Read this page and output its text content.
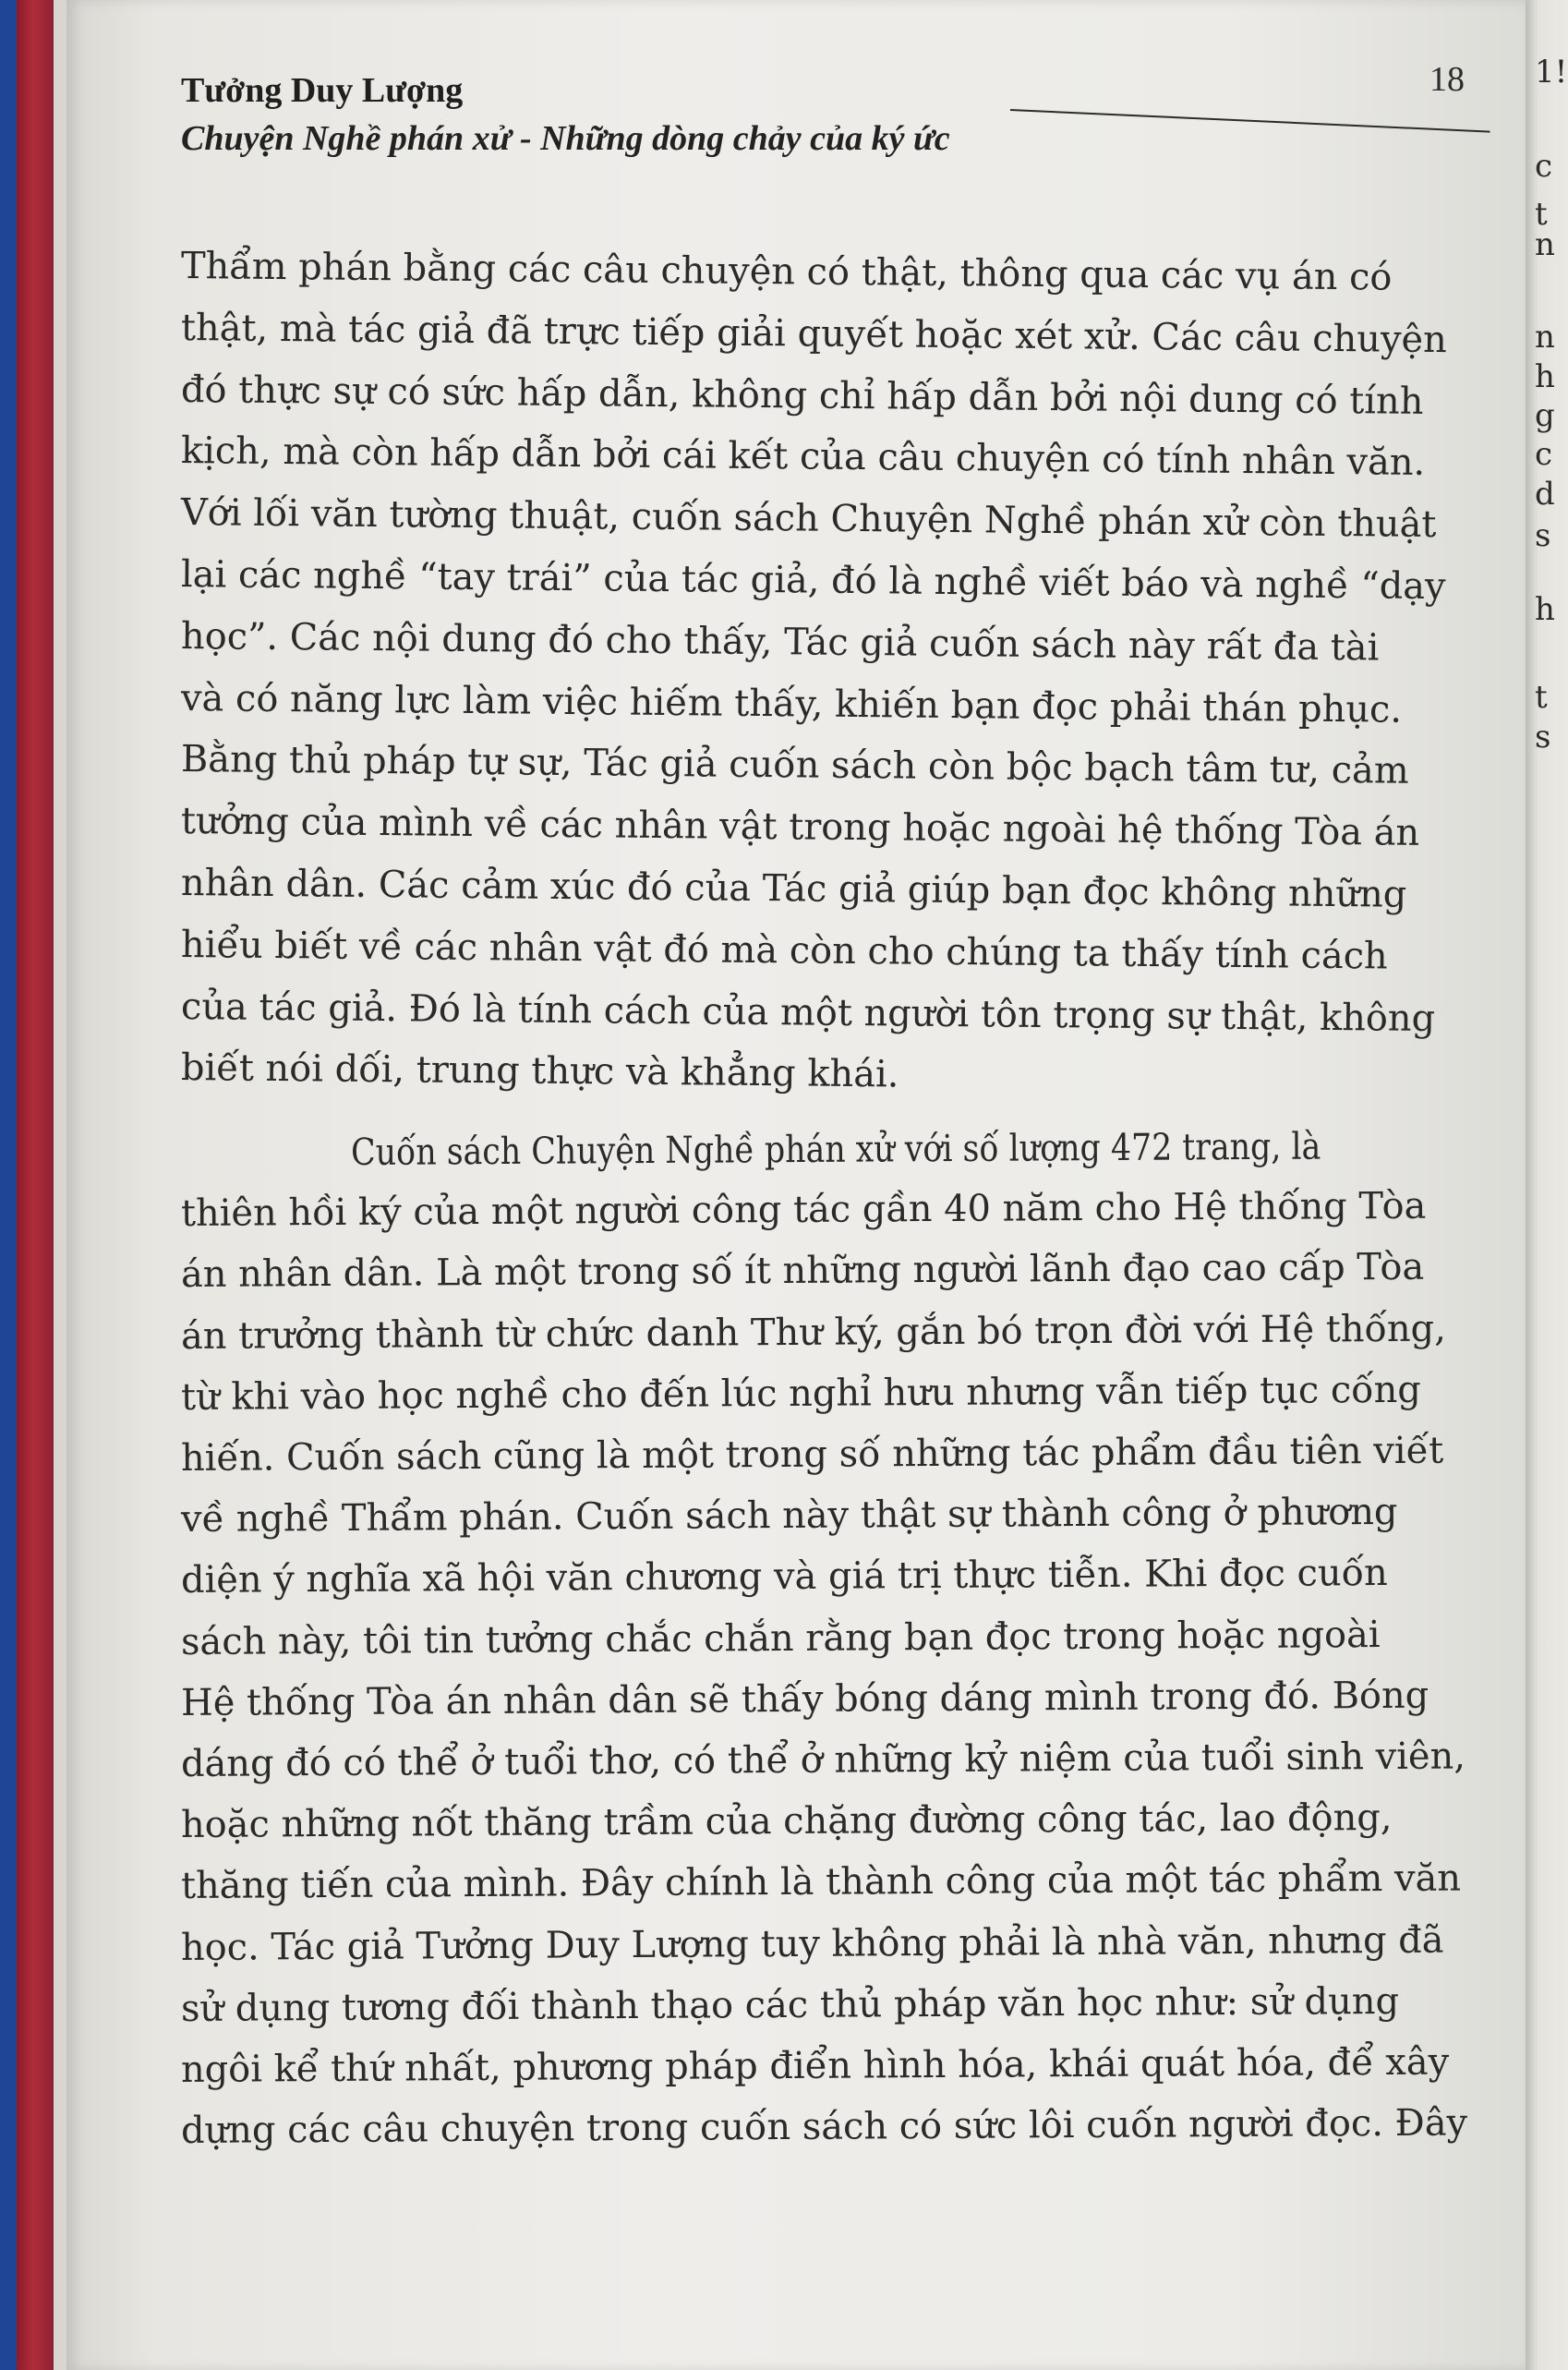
1!
c
t
n
n
h
g
c
d
s
h
t
s
Tưởng Duy Lượng
Chuyện Nghề phán xử - Những dòng chảy của ký ức
18
Thẩm phán bằng các câu chuyện có thật, thông qua các vụ án có
thật, mà tác giả đã trực tiếp giải quyết hoặc xét xử. Các câu chuyện
đó thực sự có sức hấp dẫn, không chỉ hấp dẫn bởi nội dung có tính
kịch, mà còn hấp dẫn bởi cái kết của câu chuyện có tính nhân văn.
Với lối văn tường thuật, cuốn sách Chuyện Nghề phán xử còn thuật
lại các nghề “tay trái” của tác giả, đó là nghề viết báo và nghề “dạy
học”. Các nội dung đó cho thấy, Tác giả cuốn sách này rất đa tài
và có năng lực làm việc hiếm thấy, khiến bạn đọc phải thán phục.
Bằng thủ pháp tự sự, Tác giả cuốn sách còn bộc bạch tâm tư, cảm
tưởng của mình về các nhân vật trong hoặc ngoài hệ thống Tòa án
nhân dân. Các cảm xúc đó của Tác giả giúp bạn đọc không những
hiểu biết về các nhân vật đó mà còn cho chúng ta thấy tính cách
của tác giả. Đó là tính cách của một người tôn trọng sự thật, không
biết nói dối, trung thực và khẳng khái.
Cuốn sách Chuyện Nghề phán xử với số lượng 472 trang, là
thiên hồi ký của một người công tác gần 40 năm cho Hệ thống Tòa
án nhân dân. Là một trong số ít những người lãnh đạo cao cấp Tòa
án trưởng thành từ chức danh Thư ký, gắn bó trọn đời với Hệ thống,
từ khi vào học nghề cho đến lúc nghỉ hưu nhưng vẫn tiếp tục cống
hiến. Cuốn sách cũng là một trong số những tác phẩm đầu tiên viết
về nghề Thẩm phán. Cuốn sách này thật sự thành công ở phương
diện ý nghĩa xã hội văn chương và giá trị thực tiễn. Khi đọc cuốn
sách này, tôi tin tưởng chắc chắn rằng bạn đọc trong hoặc ngoài
Hệ thống Tòa án nhân dân sẽ thấy bóng dáng mình trong đó. Bóng
dáng đó có thể ở tuổi thơ, có thể ở những kỷ niệm của tuổi sinh viên,
hoặc những nốt thăng trầm của chặng đường công tác, lao động,
thăng tiến của mình. Đây chính là thành công của một tác phẩm văn
học. Tác giả Tưởng Duy Lượng tuy không phải là nhà văn, nhưng đã
sử dụng tương đối thành thạo các thủ pháp văn học như: sử dụng
ngôi kể thứ nhất, phương pháp điển hình hóa, khái quát hóa, để xây
dựng các câu chuyện trong cuốn sách có sức lôi cuốn người đọc. Đây
